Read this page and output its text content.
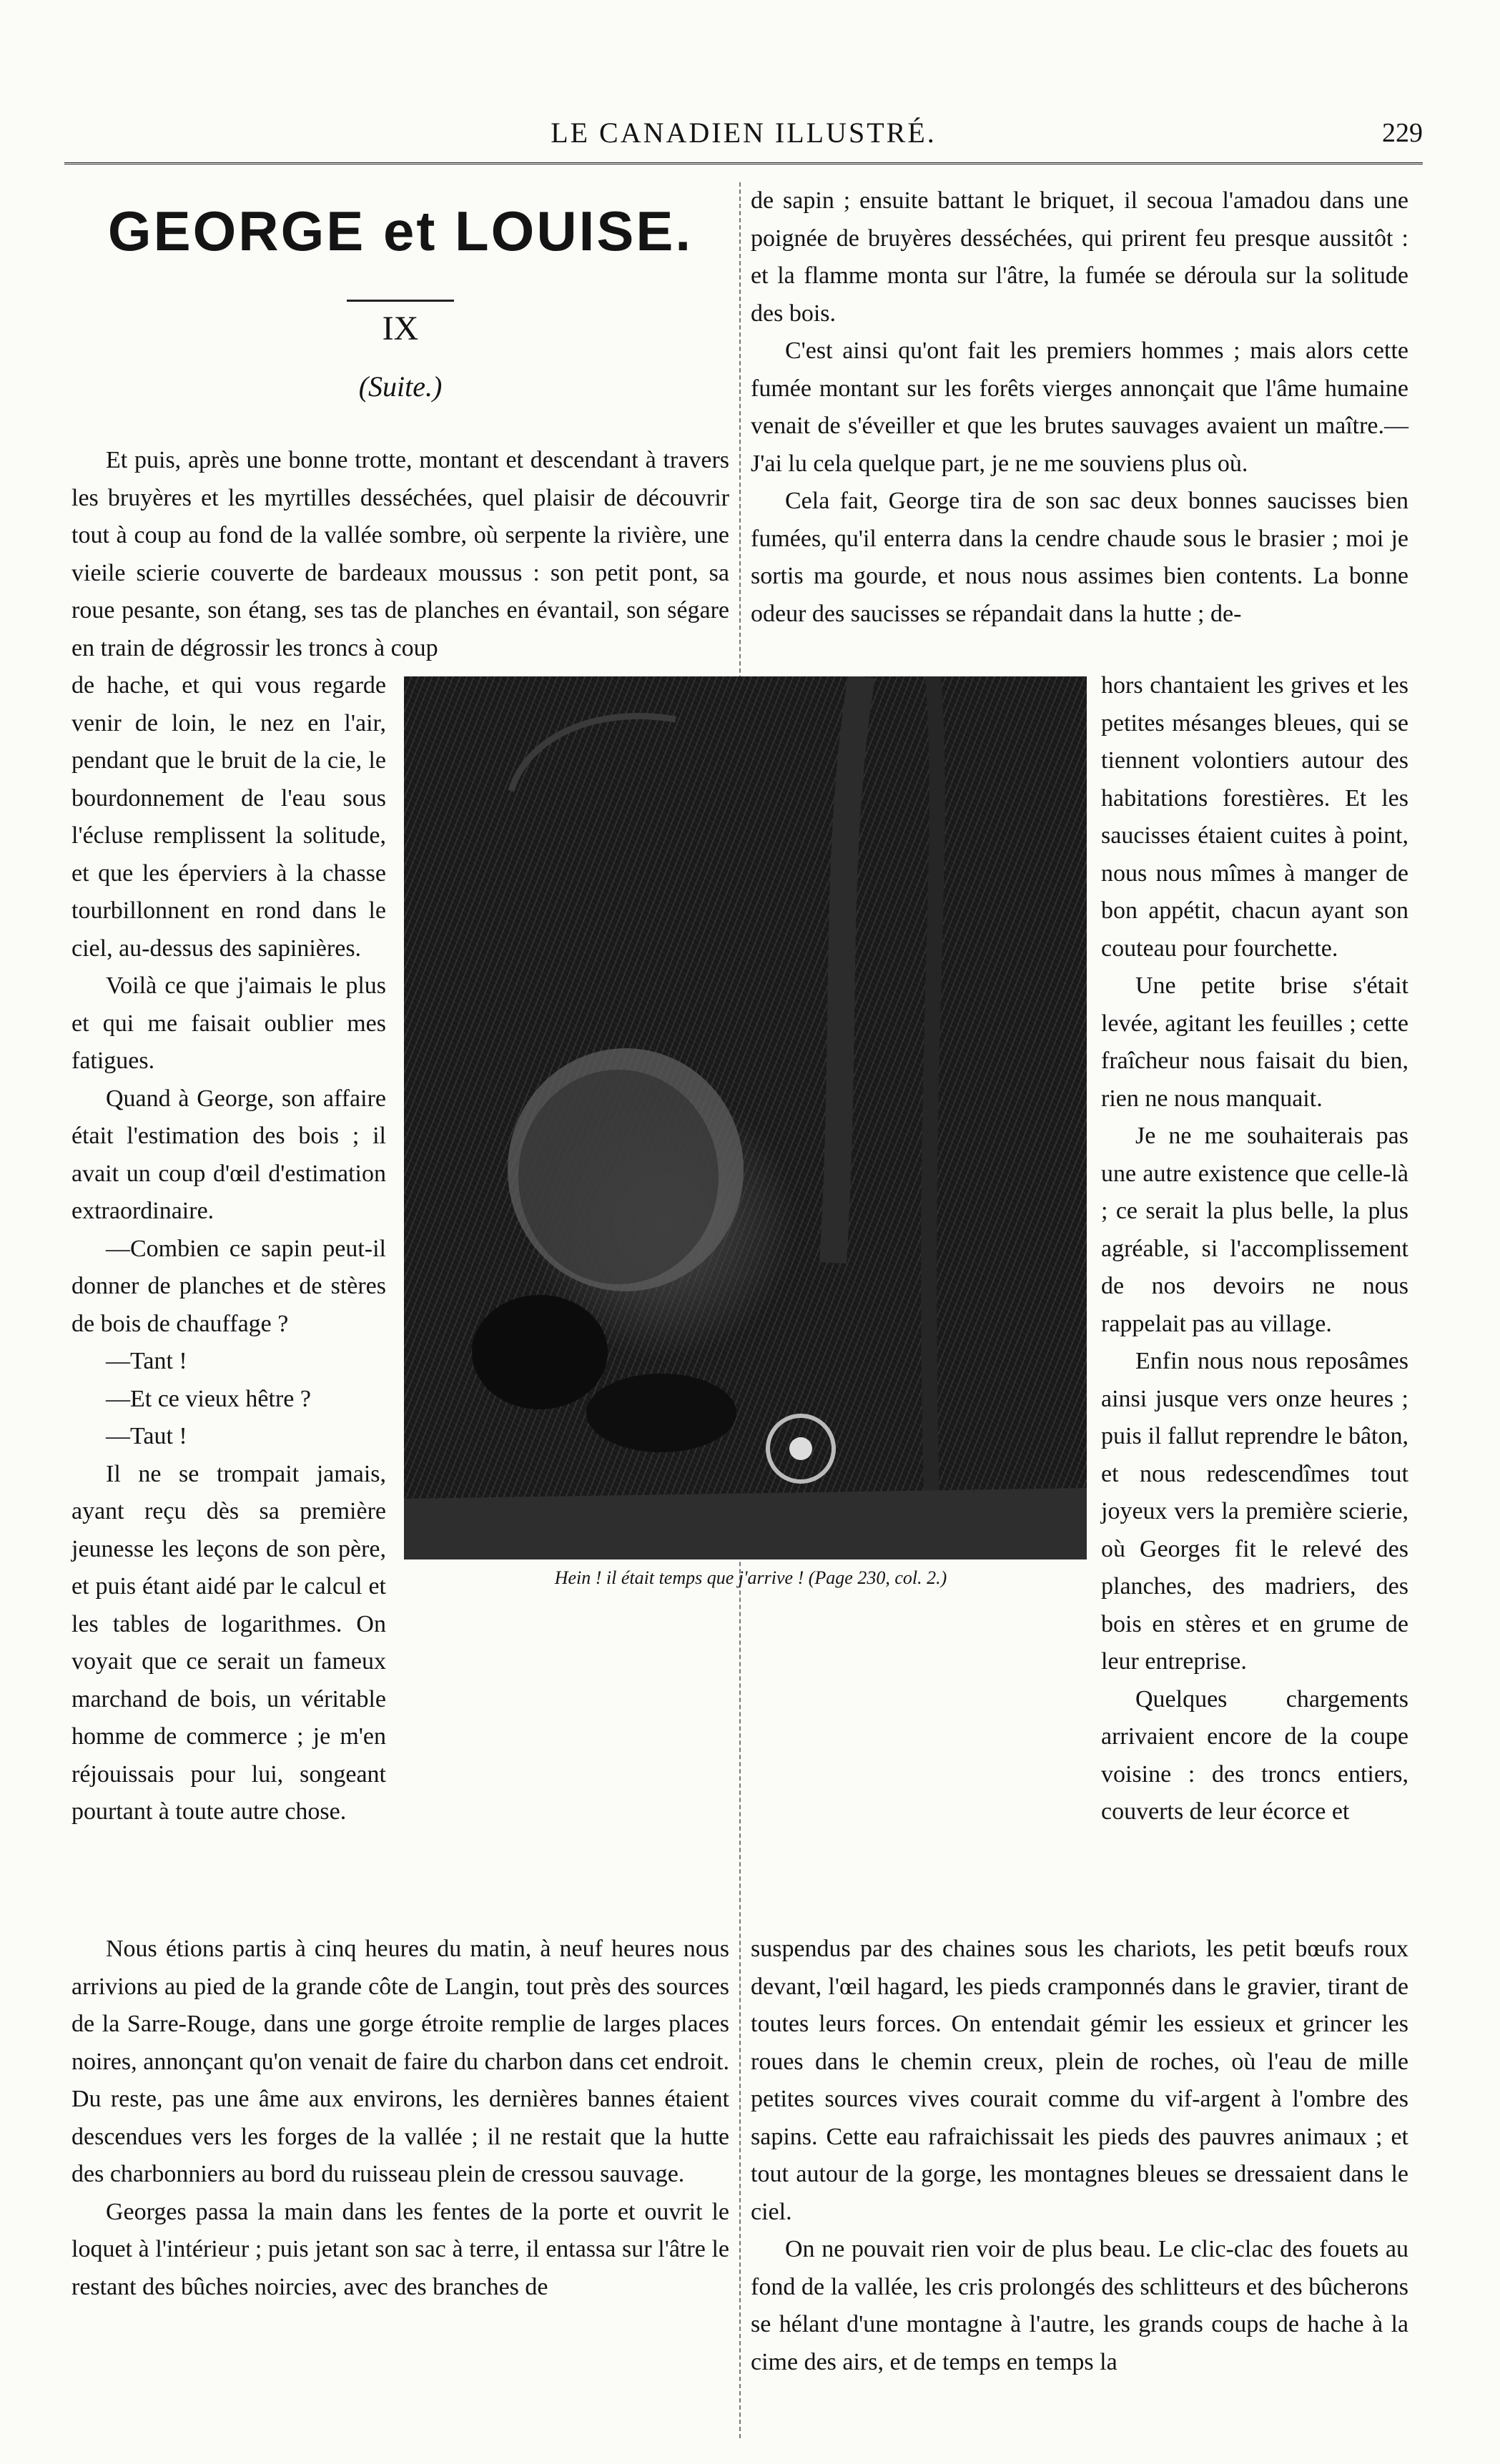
LE CANADIEN ILLUSTRÉ.	229
GEORGE et LOUISE.
IX
(Suite.)

Et puis, après une bonne trotte, montant et descendant à travers les bruyères et les myrtilles desséchées, quel plaisir de découvrir tout à coup au fond de la vallée sombre, où serpente la rivière, une vieile scierie couverte de bardeaux moussus : son petit pont, sa roue pesante, son étang, ses tas de planches en évantail, son ségare en train de dégrossir les troncs à coup

de hache, et qui vous regarde venir de loin, le nez en l'air, pendant que le bruit de la cie, le bourdonnement de l'eau sous l'écluse remplissent la solitude, et que les éperviers à la chasse tourbillonnent en rond dans le ciel, au-dessus des sapinières.

Voilà ce que j'aimais le plus et qui me faisait oublier mes fatigues.

Quand à George, son affaire était l'estimation des bois ; il avait un coup d'œil d'estimation extraordinaire.

—Combien ce sapin peut-il donner de planches et de stères de bois de chauffage ?

—Tant !

—Et ce vieux hêtre ?

—Taut !

Il ne se trompait jamais, ayant reçu dès sa première jeunesse les leçons de son père, et puis étant aidé par le calcul et les tables de logarithmes. On voyait que ce serait un fameux marchand de bois, un véritable homme de commerce ; je m'en réjouissais pour lui, songeant pourtant à toute autre chose.

Nous étions partis à cinq heures du matin, à neuf heures nous arrivions au pied de la grande côte de Langin, tout près des sources de la Sarre-Rouge, dans une gorge étroite remplie de larges places noires, annonçant qu'on venait de faire du charbon dans cet endroit. Du reste, pas une âme aux environs, les dernières bannes étaient descendues vers les forges de la vallée ; il ne restait que la hutte des charbonniers au bord du ruisseau plein de cressou sauvage.

Georges passa la main dans les fentes de la porte et ouvrit le loquet à l'intérieur ; puis jetant son sac à terre, il entassa sur l'âtre le restant des bûches noircies, avec des branches de

de sapin ; ensuite battant le briquet, il secoua l'amadou dans une poignée de bruyères desséchées, qui prirent feu presque aussitôt : et la flamme monta sur l'âtre, la fumée se déroula sur la solitude des bois.

C'est ainsi qu'ont fait les premiers hommes ; mais alors cette fumée montant sur les forêts vierges annonçait que l'âme humaine venait de s'éveiller et que les brutes sauvages avaient un maître.—J'ai lu cela quelque part, je ne me souviens plus où.

Cela fait, George tira de son sac deux bonnes saucisses bien fumées, qu'il enterra dans la cendre chaude sous le brasier ; moi je sortis ma gourde, et nous nous assimes bien contents. La bonne odeur des saucisses se répandait dans la hutte ; de-

hors chantaient les grives et les petites mésanges bleues, qui se tiennent volontiers autour des habitations forestières. Et les saucisses étaient cuites à point, nous nous mîmes à manger de bon appétit, chacun ayant son couteau pour fourchette.

Une petite brise s'était levée, agitant les feuilles ; cette fraîcheur nous faisait du bien, rien ne nous manquait.

Je ne me souhaiterais pas une autre existence que celle-là ; ce serait la plus belle, la plus agréable, si l'accomplissement de nos devoirs ne nous rappelait pas au village.

Enfin nous nous reposâmes ainsi jusque vers onze heures ; puis il fallut reprendre le bâton, et nous redescendîmes tout joyeux vers la première scierie, où Georges fit le relevé des planches, des madriers, des bois en stères et en grume de leur entreprise.

Quelques chargements arrivaient encore de la coupe voisine : des troncs entiers, couverts de leur écorce et

suspendus par des chaines sous les chariots, les petit bœufs roux devant, l'œil hagard, les pieds cramponnés dans le gravier, tirant de toutes leurs forces. On entendait gémir les essieux et grincer les roues dans le chemin creux, plein de roches, où l'eau de mille petites sources vives courait comme du vif-argent à l'ombre des sapins. Cette eau rafraichissait les pieds des pauvres animaux ; et tout autour de la gorge, les montagnes bleues se dressaient dans le ciel.

On ne pouvait rien voir de plus beau. Le clic-clac des fouets au fond de la vallée, les cris prolongés des schlitteurs et des bûcherons se hélant d'une montagne à l'autre, les grands coups de hache à la cime des airs, et de temps en temps la

Hein ! il était temps que j'arrive ! (Page 230, col. 2.)
